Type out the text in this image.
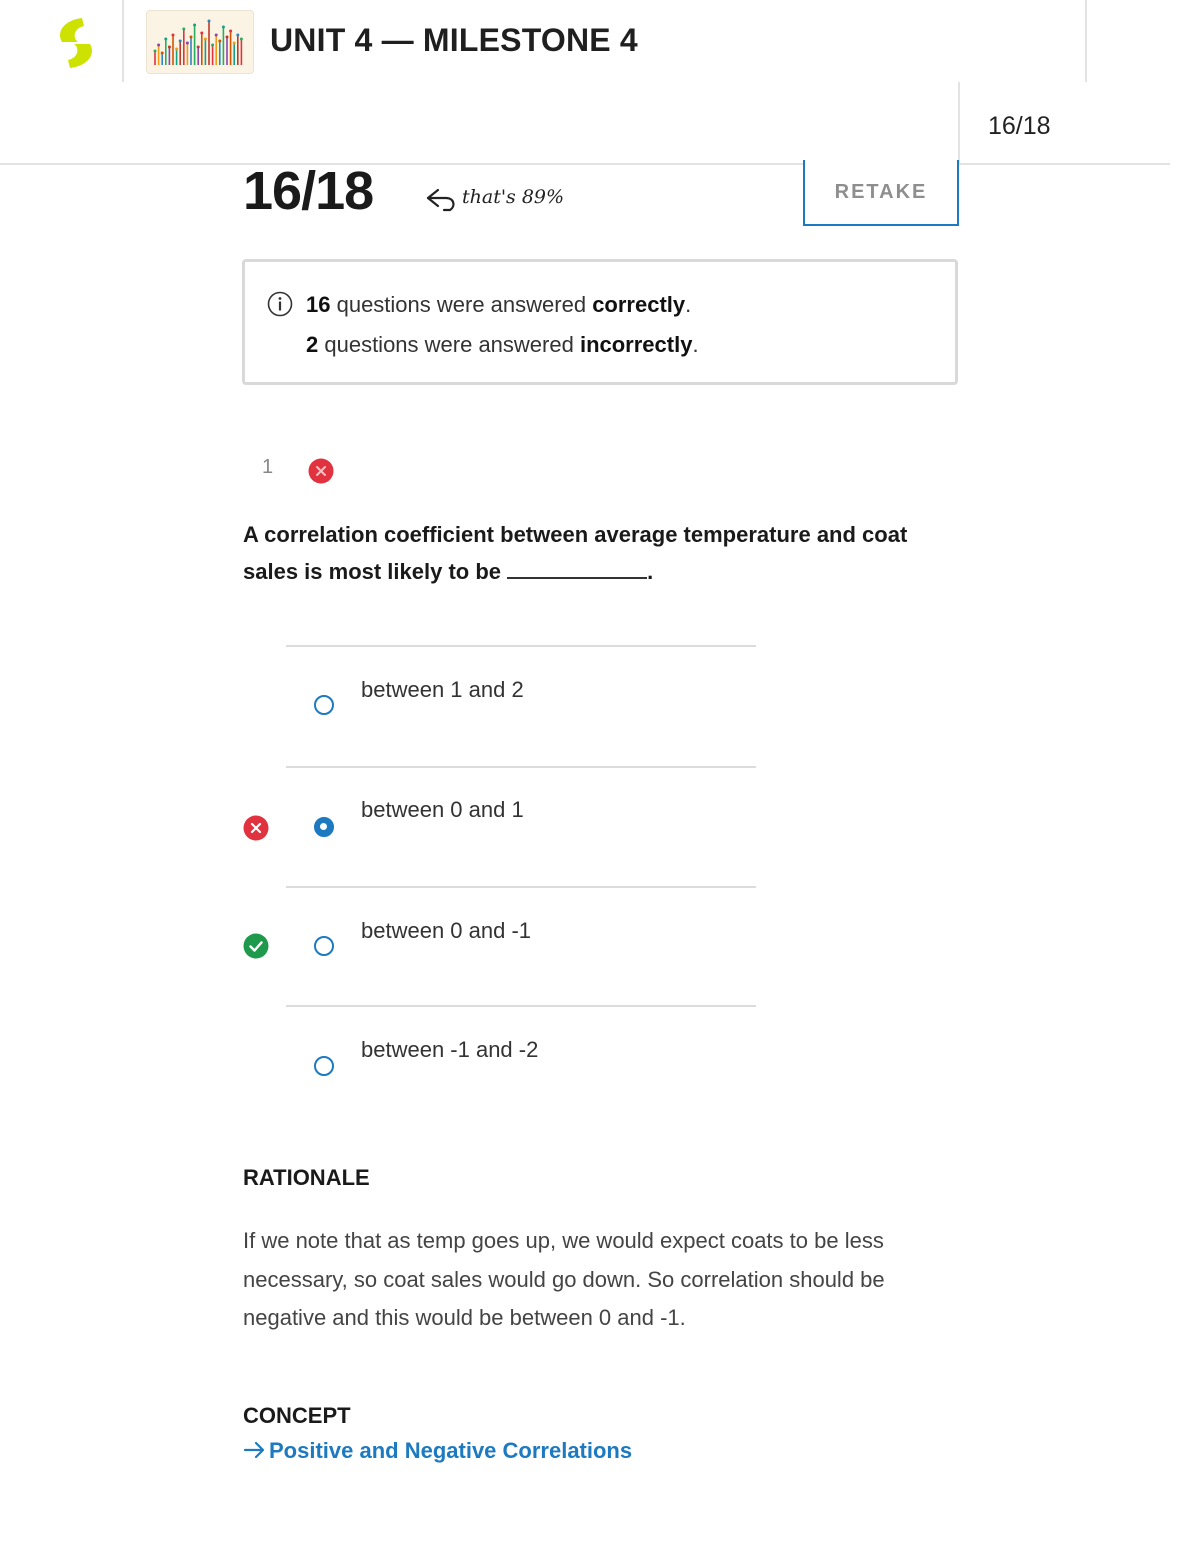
UNIT 4 — MILESTONE 4
16/18
16/18	that's 89%	RETAKE
16 questions were answered correctly.
2 questions were answered incorrectly.
1

A correlation coefficient between average temperature and coat sales is most likely to be	.

between 1 and 2
between 0 and 1
between 0 and -1
between -1 and -2
RATIONALE

If we note that as temp goes up, we would expect coats to be less necessary, so coat sales would go down. So correlation should be negative and this would be between 0 and -1.

CONCEPT
Positive and Negative Correlations
